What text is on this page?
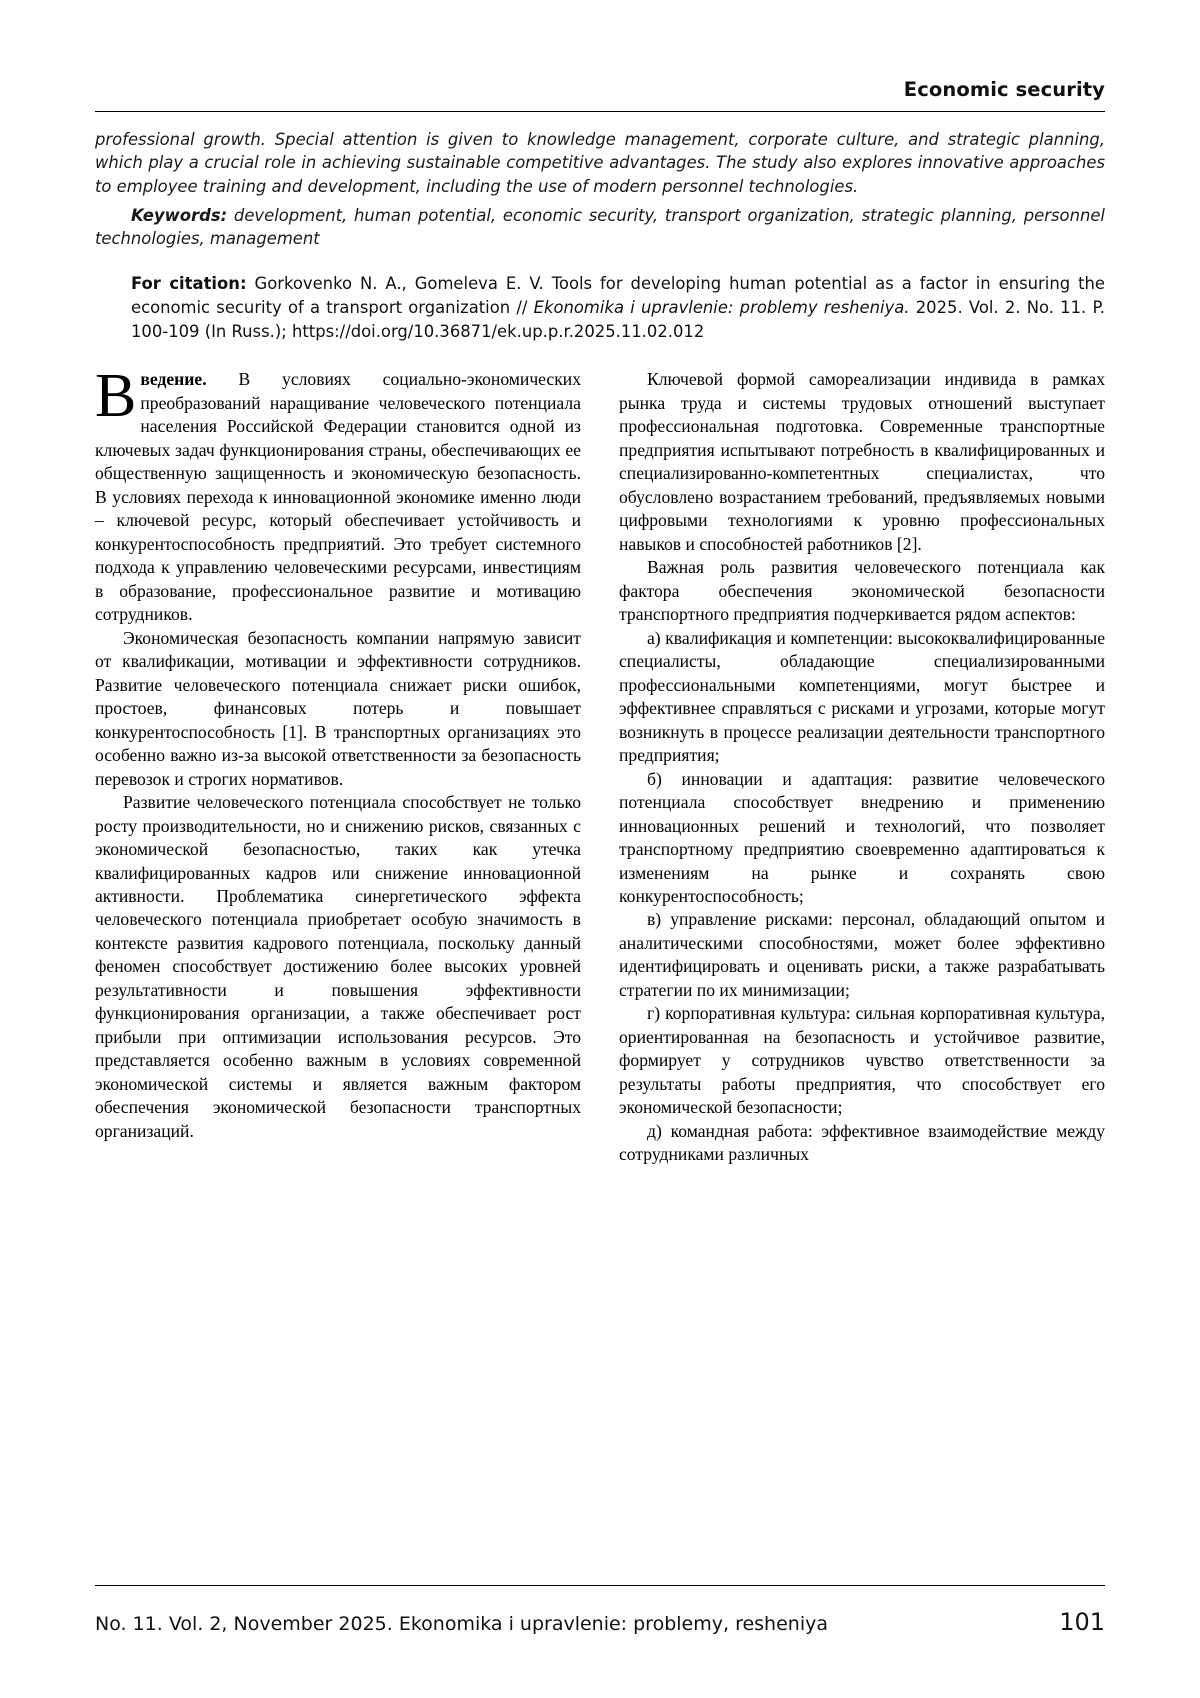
Economic security
professional growth. Special attention is given to knowledge management, corporate culture, and strategic planning, which play a crucial role in achieving sustainable competitive advantages. The study also explores innovative approaches to employee training and development, including the use of modern personnel technologies.
Keywords: development, human potential, economic security, transport organization, strategic planning, personnel technologies, management
For citation: Gorkovenko N. A., Gomeleva E. V. Tools for developing human potential as a factor in ensuring the economic security of a transport organization // Ekonomika i upravlenie: problemy resheniya. 2025. Vol. 2. No. 11. P. 100-109 (In Russ.); https://doi.org/10.36871/ek.up.p.r.2025.11.02.012

Введение. В условиях социально-экономических преобразований наращивание человеческого потенциала населения Российской Федерации становится одной из ключевых задач функционирования страны, обеспечивающих ее общественную защищенность и экономическую безопасность. В условиях перехода к инновационной экономике именно люди – ключевой ресурс, который обеспечивает устойчивость и конкурентоспособность предприятий. Это требует системного подхода к управлению человеческими ресурсами, инвестициям в образование, профессиональное развитие и мотивацию сотрудников.

Экономическая безопасность компании напрямую зависит от квалификации, мотивации и эффективности сотрудников. Развитие человеческого потенциала снижает риски ошибок, простоев, финансовых потерь и повышает конкурентоспособность [1]. В транспортных организациях это особенно важно из-за высокой ответственности за безопасность перевозок и строгих нормативов.

Развитие человеческого потенциала способствует не только росту производительности, но и снижению рисков, связанных с экономической безопасностью, таких как утечка квалифицированных кадров или снижение инновационной активности. Проблематика синергетического эффекта человеческого потенциала приобретает особую значимость в контексте развития кадрового потенциала, поскольку данный феномен способствует достижению более высоких уровней результативности и повышения эффективности функционирования организации, а также обеспечивает рост прибыли при оптимизации использования ресурсов. Это представляется особенно важным в условиях современной экономической системы и является важным фактором обеспечения экономической безопасности транспортных организаций.

Ключевой формой самореализации индивида в рамках рынка труда и системы трудовых отношений выступает профессиональная подготовка. Современные транспортные предприятия испытывают потребность в квалифицированных и специализированно-компетентных специалистах, что обусловлено возрастанием требований, предъявляемых новыми цифровыми технологиями к уровню профессиональных навыков и способностей работников [2].

Важная роль развития человеческого потенциала как фактора обеспечения экономической безопасности транспортного предприятия подчеркивается рядом аспектов:

а) квалификация и компетенции: высококвалифицированные специалисты, обладающие специализированными профессиональными компетенциями, могут быстрее и эффективнее справляться с рисками и угрозами, которые могут возникнуть в процессе реализации деятельности транспортного предприятия;

б) инновации и адаптация: развитие человеческого потенциала способствует внедрению и применению инновационных решений и технологий, что позволяет транспортному предприятию своевременно адаптироваться к изменениям на рынке и сохранять свою конкурентоспособность;

в) управление рисками: персонал, обладающий опытом и аналитическими способностями, может более эффективно идентифицировать и оценивать риски, а также разрабатывать стратегии по их минимизации;

г) корпоративная культура: сильная корпоративная культура, ориентированная на безопасность и устойчивое развитие, формирует у сотрудников чувство ответственности за результаты работы предприятия, что способствует его экономической безопасности;

д) командная работа: эффективное взаимодействие между сотрудниками различных

No. 11. Vol. 2, November 2025. Ekonomika i upravlenie: problemy, resheniya	101
